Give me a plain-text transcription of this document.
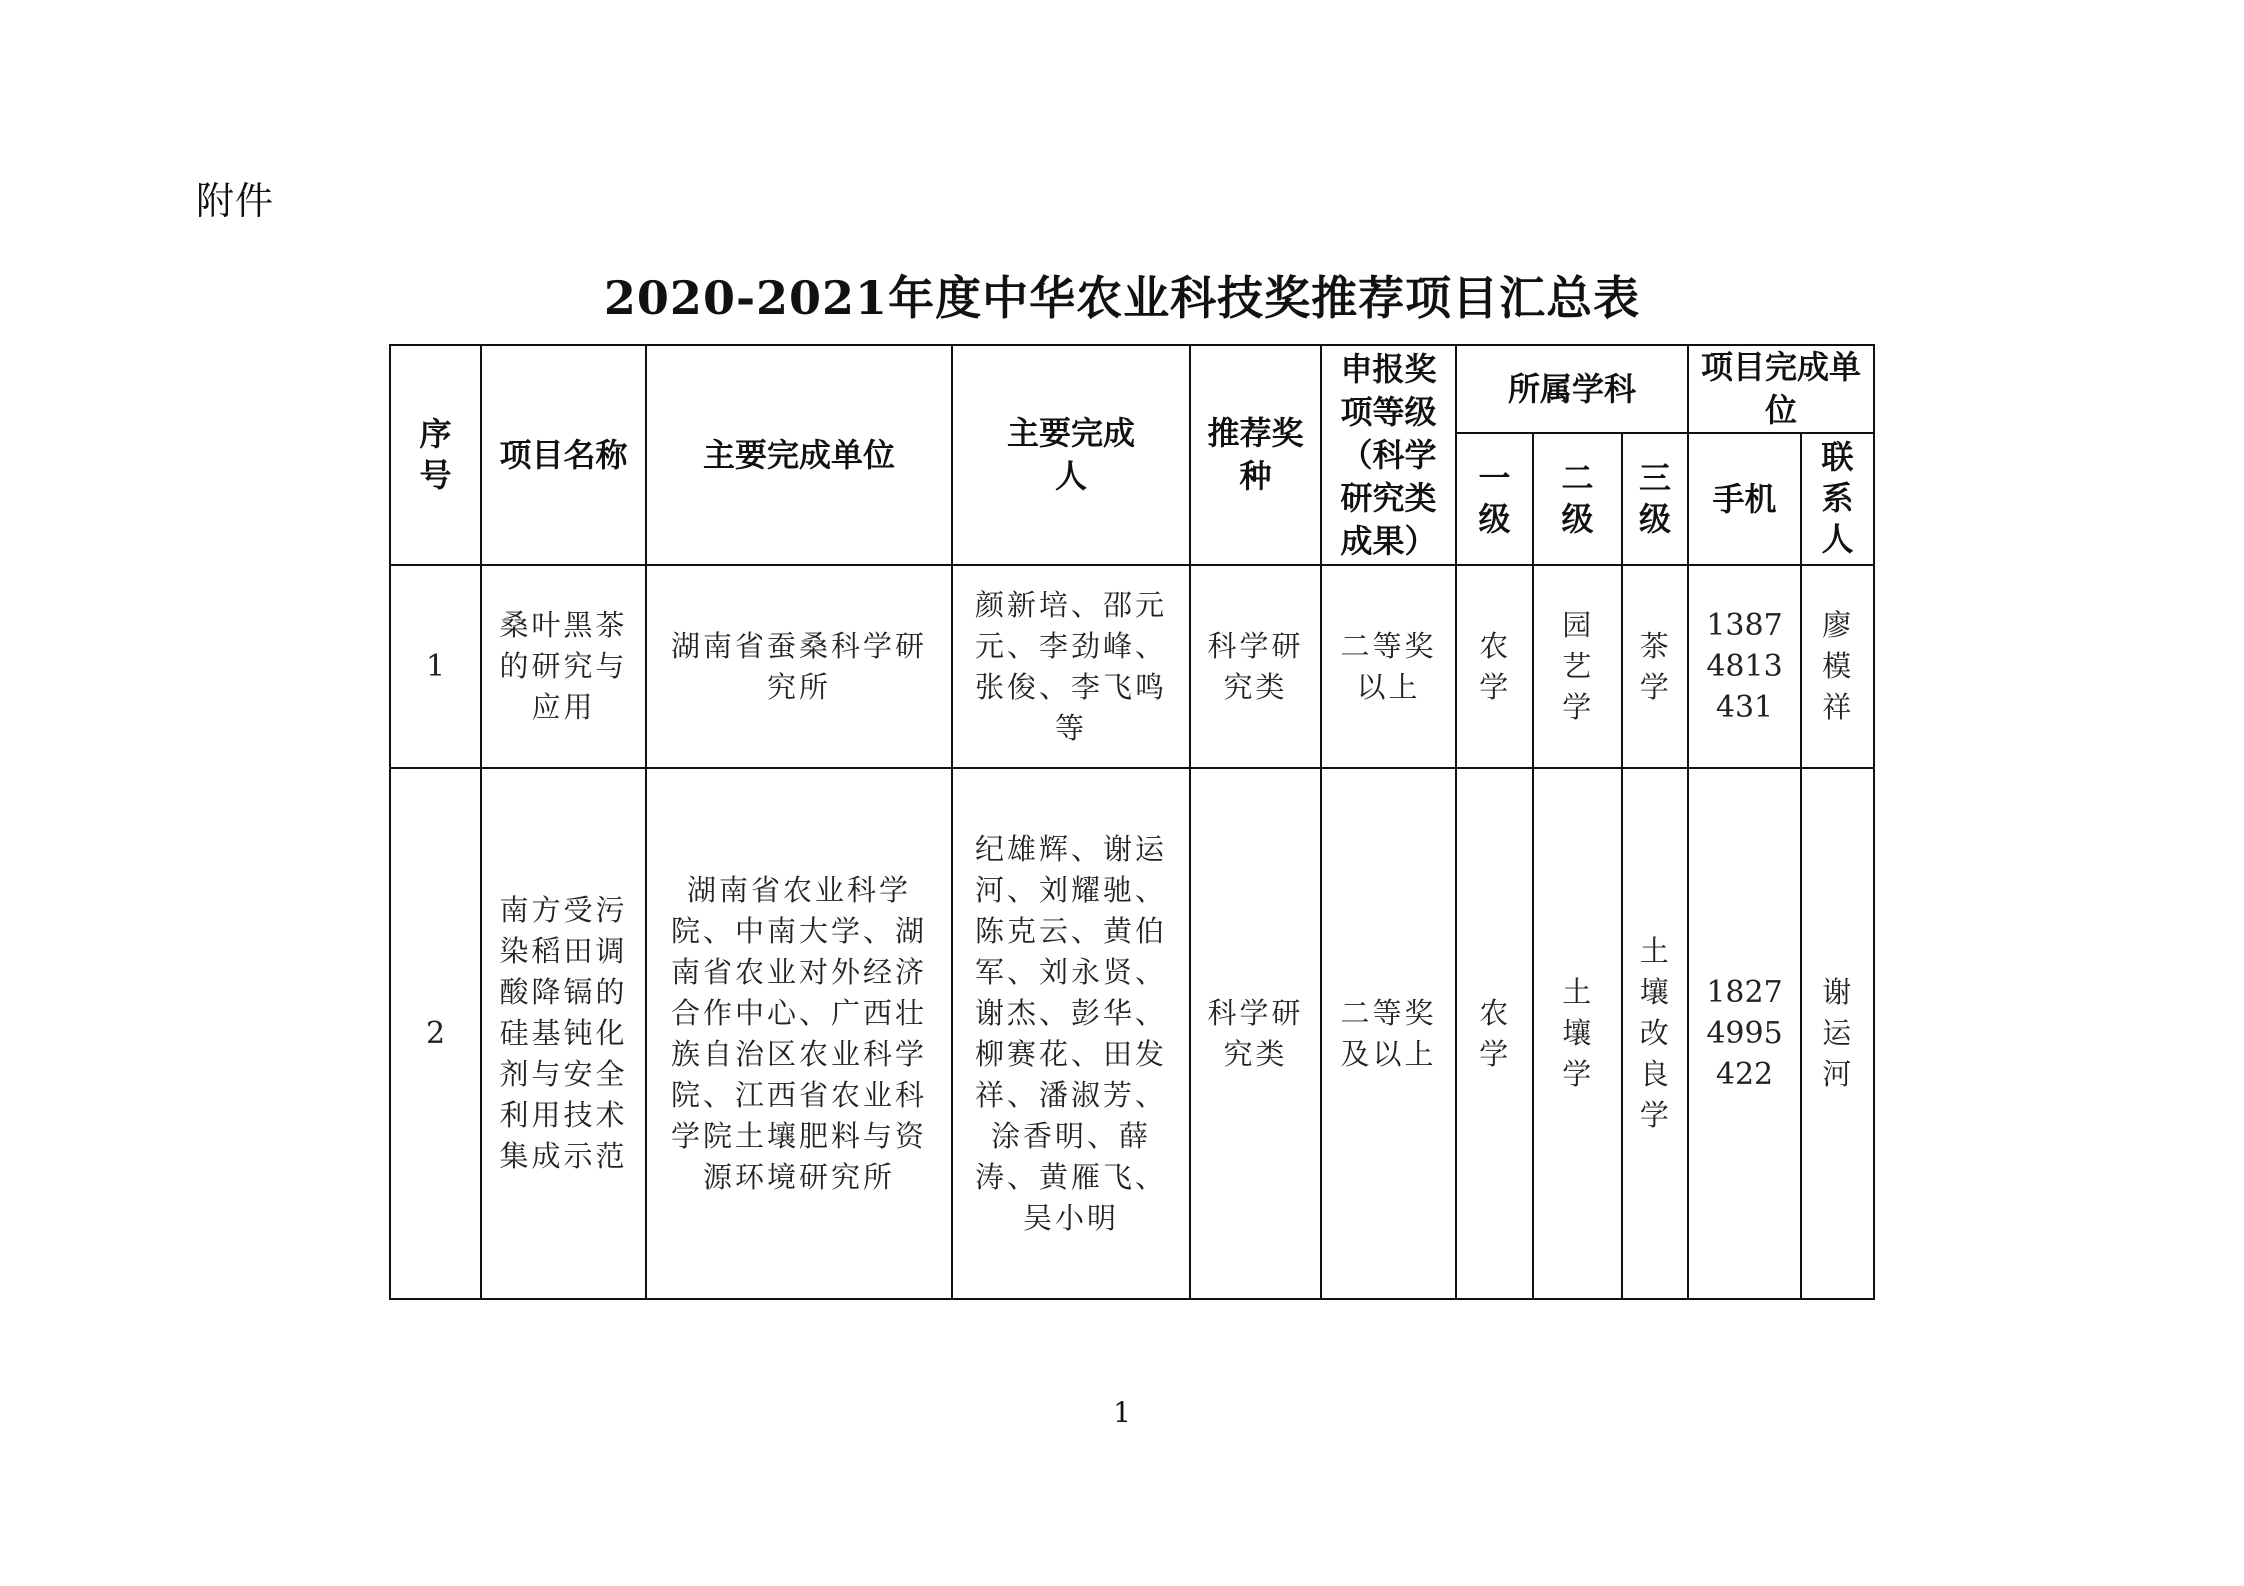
附件
2020-2021年度中华农业科技奖推荐项目汇总表
序号	项目名称	主要完成单位	主要完成人	推荐奖种	申报奖项等级（科学研究类成果）	所属学科			项目完成单位	
						一级	二级	三级	手机	联系人
1	桑叶黑茶的研究与应用	湖南省蚕桑科学研究所	颜新培、邵元元、李劲峰、张俊、李飞鸣等	科学研究类	二等奖以上	农学	园艺学	茶学	13874813431	廖模祥
2	南方受污染稻田调酸降镉的硅基钝化剂与安全利用技术集成示范	湖南省农业科学院、中南大学、湖南省农业对外经济合作中心、广西壮族自治区农业科学院、江西省农业科学院土壤肥料与资源环境研究所	纪雄辉、谢运河、刘耀驰、陈克云、黄伯军、刘永贤、谢杰、彭华、柳赛花、田发祥、潘淑芳、涂香明、薛涛、黄雁飞、吴小明	科学研究类	二等奖及以上	农学	土壤学	土壤改良学	18274995422	谢运河
1
